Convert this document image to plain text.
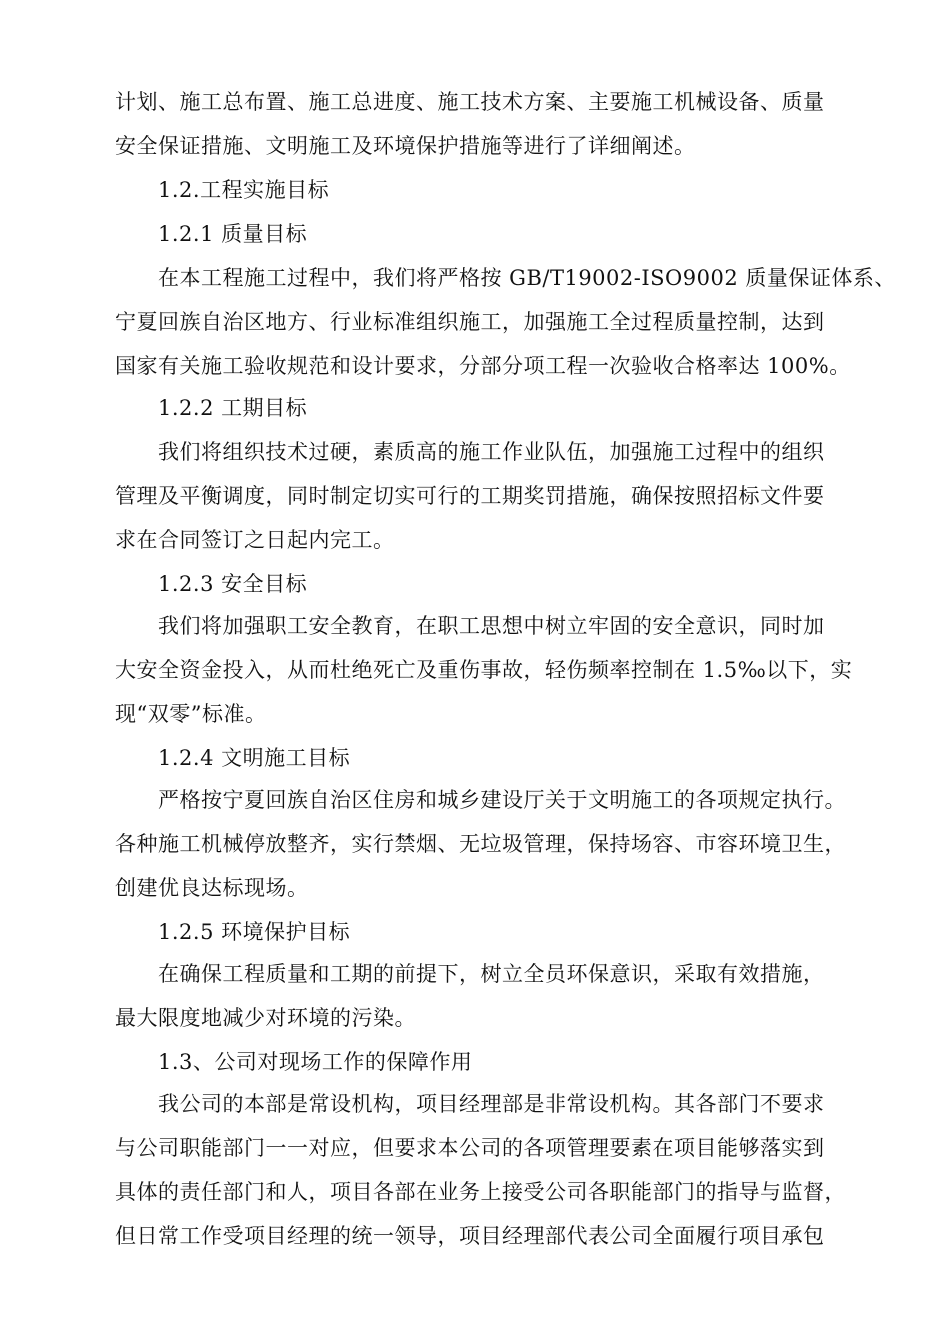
计划、施工总布置、施工总进度、施工技术方案、主要施工机械设备、质量
安全保证措施、文明施工及环境保护措施等进行了详细阐述。
1.2.工程实施目标
1.2.1 质量目标
在本工程施工过程中，我们将严格按 GB/T19002-ISO9002 质量保证体系、
宁夏回族自治区地方、行业标准组织施工，加强施工全过程质量控制，达到
国家有关施工验收规范和设计要求，分部分项工程一次验收合格率达 100%。
1.2.2 工期目标
我们将组织技术过硬，素质高的施工作业队伍，加强施工过程中的组织
管理及平衡调度，同时制定切实可行的工期奖罚措施，确保按照招标文件要
求在合同签订之日起内完工。
1.2.3 安全目标
我们将加强职工安全教育，在职工思想中树立牢固的安全意识，同时加
大安全资金投入，从而杜绝死亡及重伤事故，轻伤频率控制在 1.5‰以下，实
现“双零”标准。
1.2.4 文明施工目标
严格按宁夏回族自治区住房和城乡建设厅关于文明施工的各项规定执行。
各种施工机械停放整齐，实行禁烟、无垃圾管理，保持场容、市容环境卫生，
创建优良达标现场。
1.2.5 环境保护目标
在确保工程质量和工期的前提下，树立全员环保意识，采取有效措施，
最大限度地减少对环境的污染。
1.3、公司对现场工作的保障作用
我公司的本部是常设机构，项目经理部是非常设机构。其各部门不要求
与公司职能部门一一对应，但要求本公司的各项管理要素在项目能够落实到
具体的责任部门和人，项目各部在业务上接受公司各职能部门的指导与监督，
但日常工作受项目经理的统一领导，项目经理部代表公司全面履行项目承包
